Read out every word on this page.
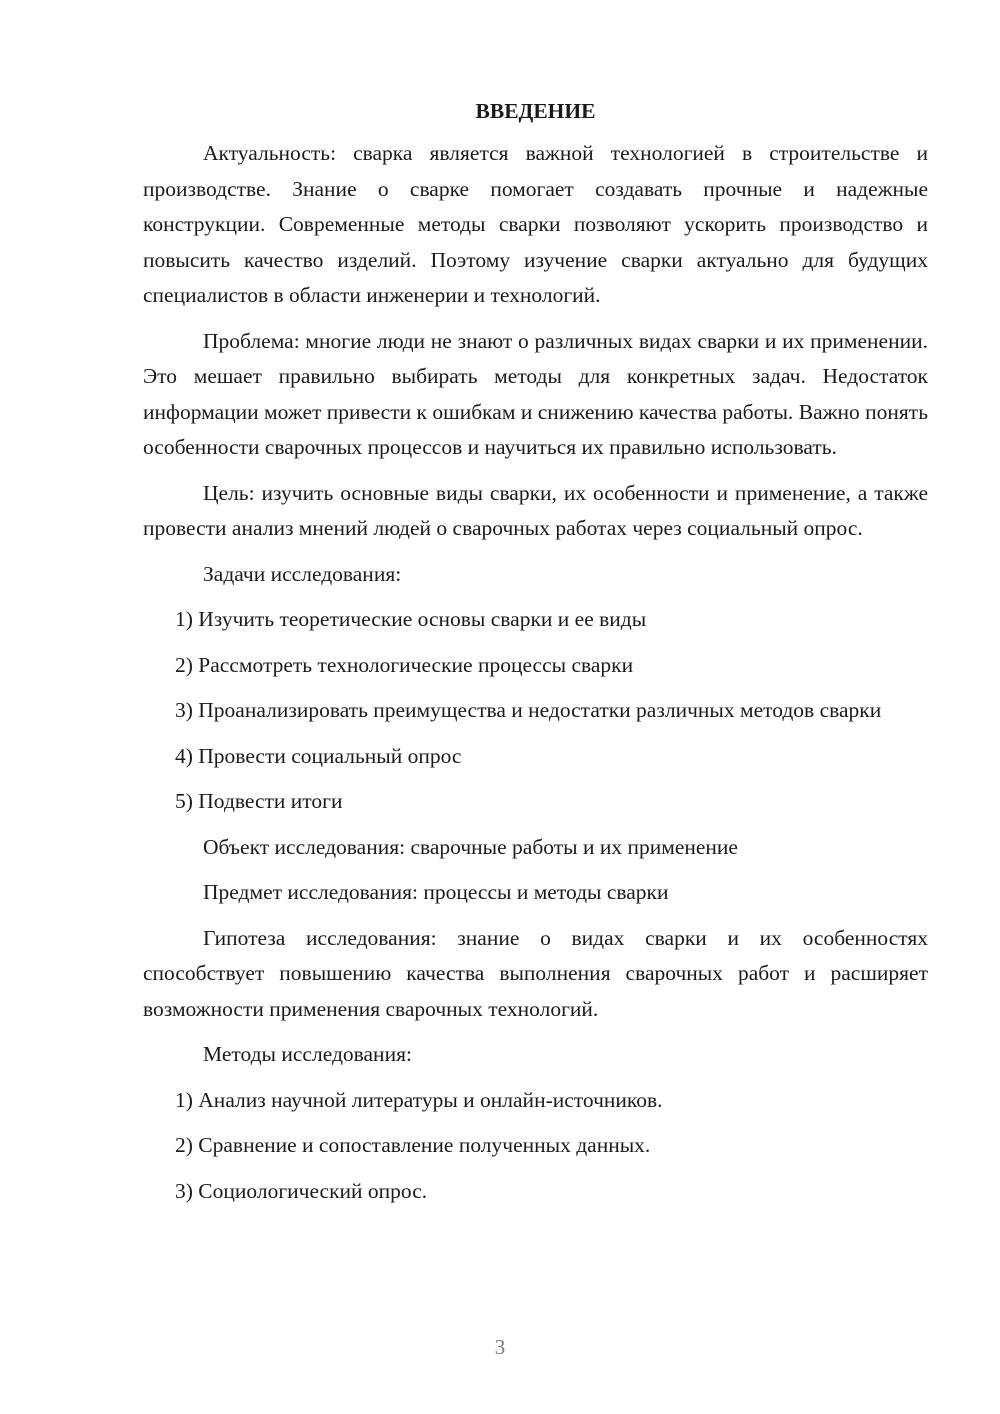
ВВЕДЕНИЕ
Актуальность: сварка является важной технологией в строительстве и производстве. Знание о сварке помогает создавать прочные и надежные конструкции. Современные методы сварки позволяют ускорить производство и повысить качество изделий. Поэтому изучение сварки актуально для будущих специалистов в области инженерии и технологий.
Проблема: многие люди не знают о различных видах сварки и их применении. Это мешает правильно выбирать методы для конкретных задач. Недостаток информации может привести к ошибкам и снижению качества работы. Важно понять особенности сварочных процессов и научиться их правильно использовать.
Цель: изучить основные виды сварки, их особенности и применение, а также провести анализ мнений людей о сварочных работах через социальный опрос.
Задачи исследования:
1) Изучить теоретические основы сварки и ее виды
2) Рассмотреть технологические процессы сварки
3) Проанализировать преимущества и недостатки различных методов сварки
4) Провести социальный опрос
5) Подвести итоги
Объект исследования: сварочные работы и их применение
Предмет исследования: процессы и методы сварки
Гипотеза исследования: знание о видах сварки и их особенностях способствует повышению качества выполнения сварочных работ и расширяет возможности применения сварочных технологий.
Методы исследования:
1) Анализ научной литературы и онлайн-источников.
2) Сравнение и сопоставление полученных данных.
3) Социологический опрос.
3
